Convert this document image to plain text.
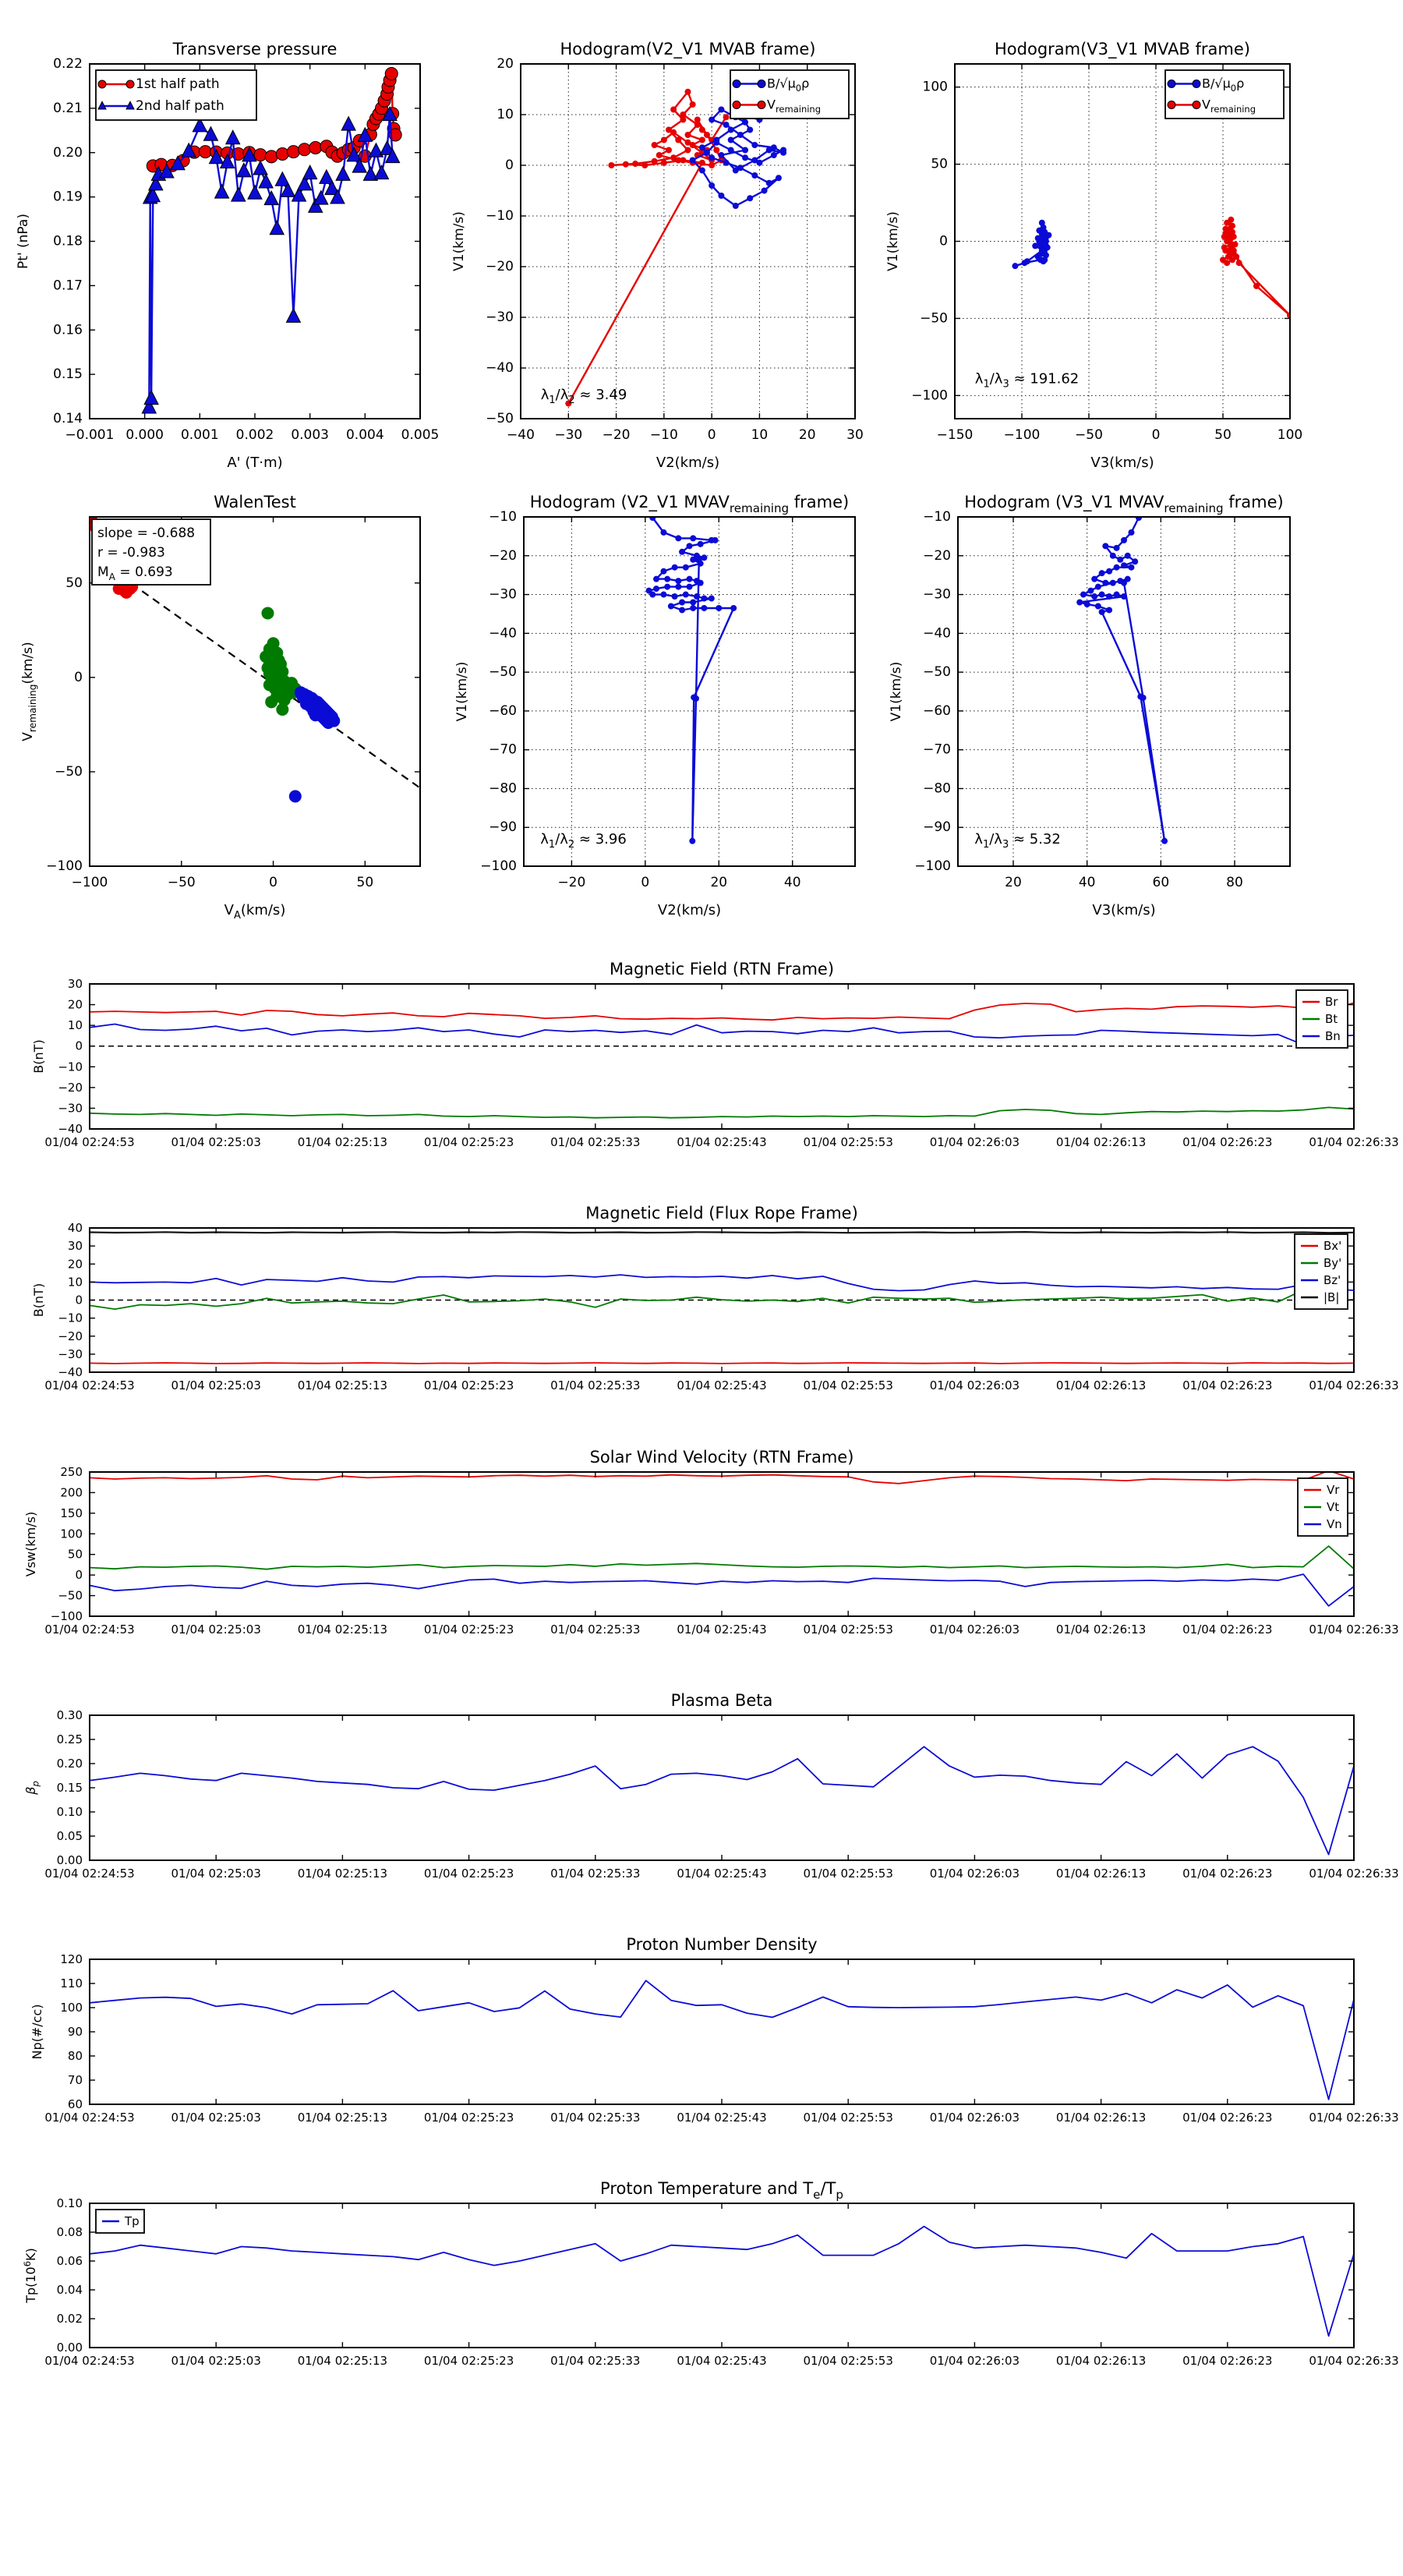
−0.001 0.000 0.001 0.002 0.003 0.004 0.005
0.14
0.15
0.16
0.17
0.18
0.19
0.20
0.21
0.22
Transverse pressure
A' (T·m)
Pt' (nPa)
1st half path
2nd half path
−40 −30 −20 −10 0	10 20 30
−50
−40
−30
−20
−10
0
10
20
Hodogram(V2_V1 MVAB frame)
V2(km/s)
V1(km/s)
$\lambda_1/\lambda_2 \approx 3.49$
$B/√\mu_0\rho$
$V_{remaining}$
−150 −100	−50	0	50	100
−100
−50
0
50
100
Hodogram(V3_V1 MVAB frame)
V3(km/s)
V1(km/s)
$\lambda_1/\lambda_3 \approx 191.62$
$B/√\mu_0\rho$
$V_{remaining}$
−100	−50	0	50
−100
−50
0
50
WalenTest
$V_A(km/s)$
$V_{remaining}(km/s)$
slope = -0.688
r = -0.983
$M_A = 0.693$
−20	0	20	40
−100
−90
−80
−70
−60
−50
−40
−30
−20
−10
Hodogram (V2_V1 $MVAV_{remaining}$ frame)
V2(km/s)
V1(km/s)
$\lambda_1/\lambda_2 \approx 3.96$
20	40	60	80
−100
−90
−80
−70
−60
−50
−40
−30
−20
−10
Hodogram (V3_V1 $MVAV_{remaining}$ frame)
V3(km/s)
V1(km/s)
$\lambda_1/\lambda_3 \approx 5.32$
01/04 02:24:53	01/04 02:25:03	01/04 02:25:13	01/04 02:25:23	01/04 02:25:33	01/04 02:25:43	01/04 02:25:53	01/04 02:26:03	01/04 02:26:13	01/04 02:26:23	01/04 02:26:33
−40
−30
−20
−10
0
10
20
30
Magnetic Field (RTN Frame)
B(nT)
Br
Bt
Bn
01/04 02:24:53	01/04 02:25:03	01/04 02:25:13	01/04 02:25:23	01/04 02:25:33	01/04 02:25:43	01/04 02:25:53	01/04 02:26:03	01/04 02:26:13	01/04 02:26:23	01/04 02:26:33
−40
−30
−20
−10
0
10
20
30
40
Magnetic Field (Flux Rope Frame)
B(nT)
Bx'
By'
Bz'
|B|
01/04 02:24:53	01/04 02:25:03	01/04 02:25:13	01/04 02:25:23	01/04 02:25:33	01/04 02:25:43	01/04 02:25:53	01/04 02:26:03	01/04 02:26:13	01/04 02:26:23	01/04 02:26:33
−100
−50
0
50
100
150
200
250
Solar Wind Velocity (RTN Frame)
Vsw(km/s)
Vr
Vt
Vn
01/04 02:24:53	01/04 02:25:03	01/04 02:25:13	01/04 02:25:23	01/04 02:25:33	01/04 02:25:43	01/04 02:25:53	01/04 02:26:03	01/04 02:26:13	01/04 02:26:23	01/04 02:26:33
0.00
0.05
0.10
0.15
0.20
0.25
0.30
Plasma Beta
$\beta_p$
01/04 02:24:53	01/04 02:25:03	01/04 02:25:13	01/04 02:25:23	01/04 02:25:33	01/04 02:25:43	01/04 02:25:53	01/04 02:26:03	01/04 02:26:13	01/04 02:26:23	01/04 02:26:33
60
70
80
90
100
110
120
Proton Number Density
Np(#/cc)
01/04 02:24:53	01/04 02:25:03	01/04 02:25:13	01/04 02:25:23	01/04 02:25:33	01/04 02:25:43	01/04 02:25:53	01/04 02:26:03	01/04 02:26:13	01/04 02:26:23	01/04 02:26:33
0.00
0.02
0.04
0.06
0.08
0.10
Proton Temperature and $T_e/T_p$
$Tp(10^6K)$
Tp
